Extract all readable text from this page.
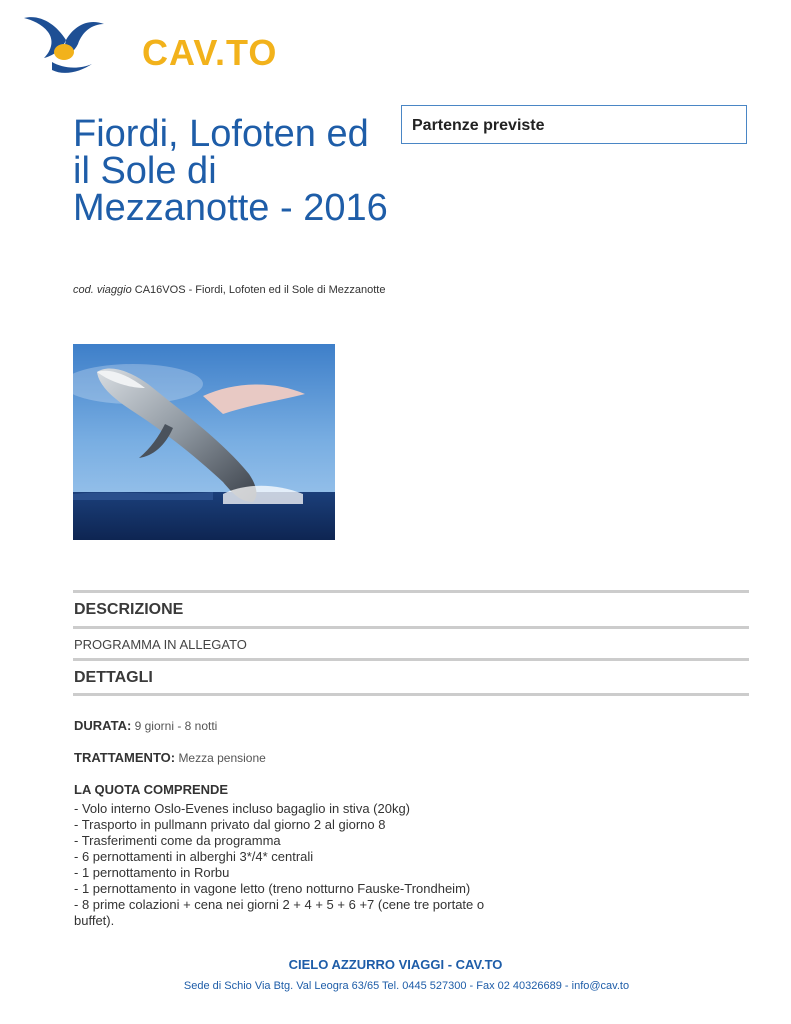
CAV.TO
Fiordi, Lofoten ed il Sole di Mezzanotte - 2016
Partenze previste
cod. viaggio CA16VOS - Fiordi, Lofoten ed il Sole di Mezzanotte
DESCRIZIONE
PROGRAMMA IN ALLEGATO
DETTAGLI
DURATA: 9 giorni - 8 notti
TRATTAMENTO: Mezza pensione
LA QUOTA COMPRENDE
- Volo interno Oslo-Evenes incluso bagaglio in stiva (20kg)
- Trasporto in pullmann privato dal giorno 2 al giorno 8
- Trasferimenti come da programma
- 6 pernottamenti in alberghi 3*/4* centrali
- 1 pernottamento in Rorbu
- 1 pernottamento in vagone letto (treno notturno Fauske-Trondheim)
- 8 prime colazioni + cena nei giorni 2 + 4 + 5 + 6 +7 (cene tre portate o buffet).
CIELO AZZURRO VIAGGI - CAV.TO
Sede di Schio Via Btg. Val Leogra 63/65 Tel. 0445 527300 - Fax 02 40326689 - info@cav.to
